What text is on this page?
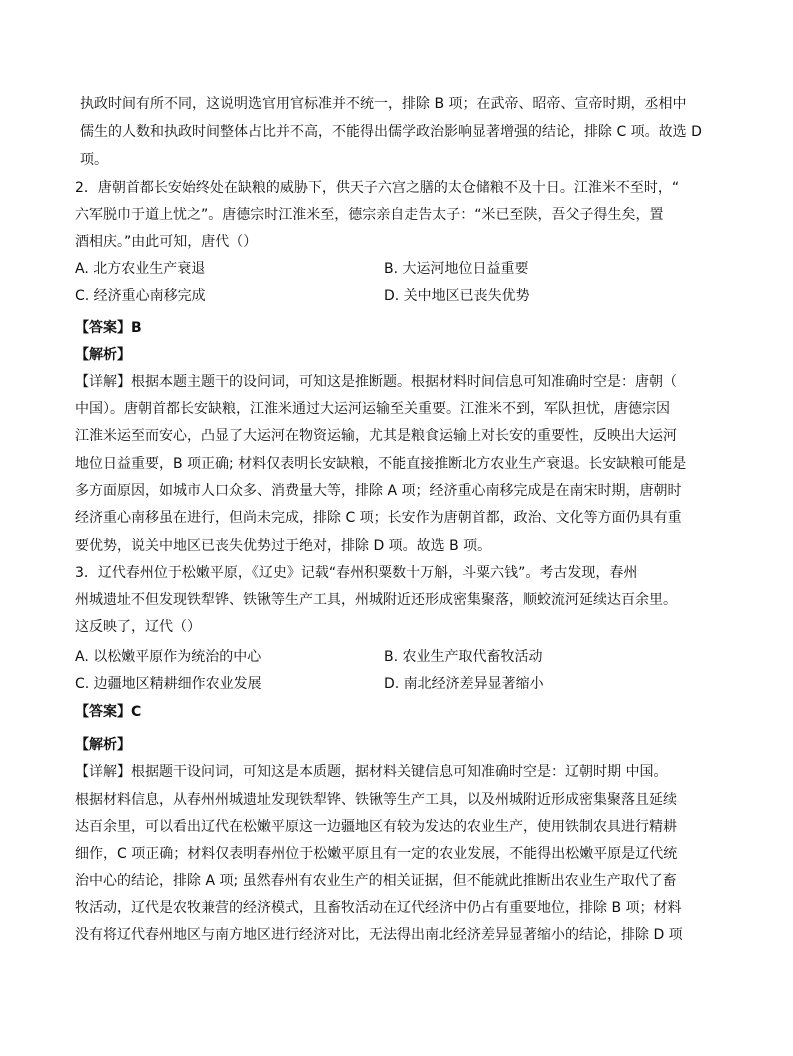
执政时间有所不同，这说明选官用官标准并不统一，排除 B 项；在武帝、昭帝、宣帝时期，丞相中
儒生的人数和执政时间整体占比并不高，不能得出儒学政治影响显著增强的结论，排除 C 项。故选 D
项。
2．唐朝首都长安始终处在缺粮的威胁下，供天子六宫之膳的太仓储粮不及十日。江淮米不至时，“
六军脱巾于道上忧之”。唐德宗时江淮米至，德宗亲自走告太子：“米已至陕，吾父子得生矣，置
酒相庆。”由此可知，唐代（）
A. 北方农业生产衰退	B. 大运河地位日益重要
C. 经济重心南移完成	D. 关中地区已丧失优势
【答案】B
【解析】
【详解】根据本题主题干的设问词，可知这是推断题。根据材料时间信息可知准确时空是：唐朝（
中国）。唐朝首都长安缺粮，江淮米通过大运河运输至关重要。江淮米不到，军队担忧，唐德宗因
江淮米运至而安心，凸显了大运河在物资运输，尤其是粮食运输上对长安的重要性，反映出大运河
地位日益重要，B 项正确; 材料仅表明长安缺粮，不能直接推断北方农业生产衰退。长安缺粮可能是
多方面原因，如城市人口众多、消费量大等，排除 A 项；经济重心南移完成是在南宋时期，唐朝时
经济重心南移虽在进行，但尚未完成，排除 C 项；长安作为唐朝首都，政治、文化等方面仍具有重
要优势，说关中地区已丧失优势过于绝对，排除 D 项。故选 B 项。
3．辽代春州位于松嫩平原，《辽史》记载“春州积粟数十万斛，斗粟六钱”。考古发现，春州
州城遗址不但发现铁犁铧、铁锹等生产工具，州城附近还形成密集聚落，顺蛟流河延续达百余里。
这反映了，辽代（）
A. 以松嫩平原作为统治的中心	B. 农业生产取代畜牧活动
C. 边疆地区精耕细作农业发展	D. 南北经济差异显著缩小
【答案】C
【解析】
【详解】根据题干设问词，可知这是本质题，据材料关键信息可知准确时空是：辽朝时期 中国。
根据材料信息，从春州州城遗址发现铁犁铧、铁锹等生产工具，以及州城附近形成密集聚落且延续
达百余里，可以看出辽代在松嫩平原这一边疆地区有较为发达的农业生产，使用铁制农具进行精耕
细作，C 项正确；材料仅表明春州位于松嫩平原且有一定的农业发展，不能得出松嫩平原是辽代统
治中心的结论，排除 A 项; 虽然春州有农业生产的相关证据，但不能就此推断出农业生产取代了畜
牧活动，辽代是农牧兼营的经济模式，且畜牧活动在辽代经济中仍占有重要地位，排除 B 项；材料
没有将辽代春州地区与南方地区进行经济对比，无法得出南北经济差异显著缩小的结论，排除 D 项
